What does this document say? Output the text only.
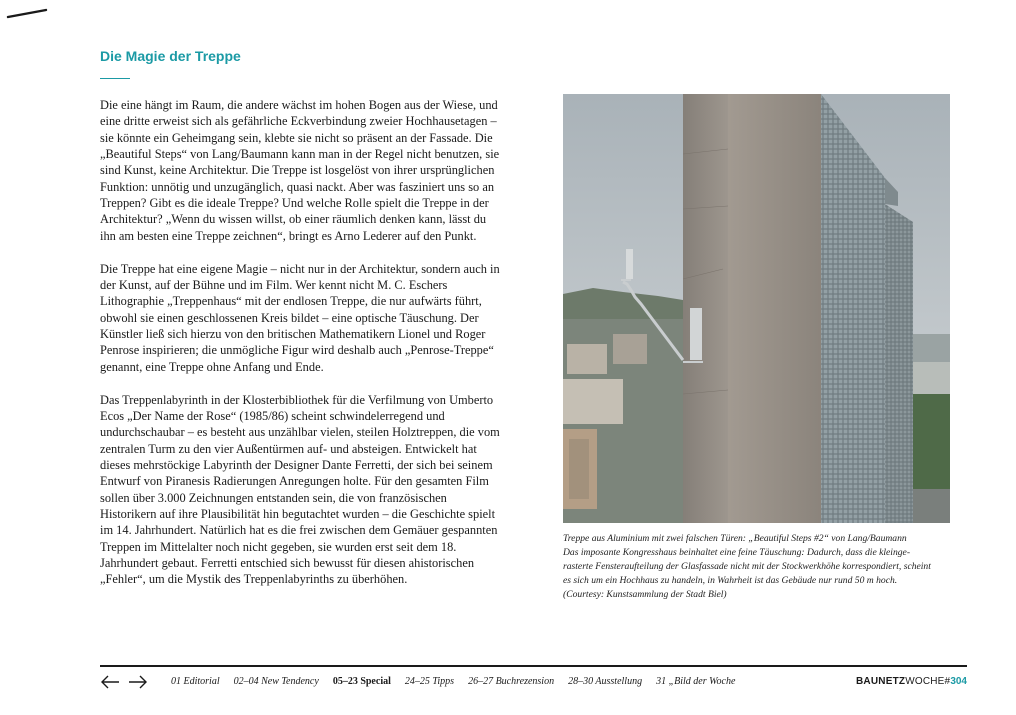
Die Magie der Treppe

Die eine hängt im Raum, die andere wächst im hohen Bogen aus der Wiese, und eine dritte erweist sich als gefährliche Eckverbindung zweier Hochhausetagen – sie könnte ein Geheimgang sein, klebte sie nicht so präsent an der Fassade. Die „Beautiful Steps“ von Lang/Baumann kann man in der Regel nicht benutzen, sie sind Kunst, keine Architektur. Die Treppe ist losgelöst von ihrer ursprünglichen Funktion: unnötig und unzugänglich, quasi nackt. Aber was fasziniert uns so an Treppen? Gibt es die ideale Treppe? Und welche Rolle spielt die Treppe in der Architektur? „Wenn du wissen willst, ob einer räumlich denken kann, lässt du ihn am besten eine Treppe zeichnen“, bringt es Arno Lederer auf den Punkt.

Die Treppe hat eine eigene Magie – nicht nur in der Architektur, sondern auch in der Kunst, auf der Bühne und im Film. Wer kennt nicht M. C. Eschers Lithographie „Treppenhaus“ mit der endlosen Treppe, die nur aufwärts führt, obwohl sie einen geschlossenen Kreis bildet – eine optische Täuschung. Der Künstler ließ sich hierzu von den britischen Mathematikern Lionel und Roger Penrose inspirieren; die unmögliche Figur wird deshalb auch „Penrose-Treppe“ genannt, eine Treppe ohne Anfang und Ende.

Das Treppenlabyrinth in der Klosterbibliothek für die Verfilmung von Umberto Ecos „Der Name der Rose“ (1985/86) scheint schwindelerregend und undurchschaubar – es besteht aus unzählbar vielen, steilen Holztreppen, die vom zentralen Turm zu den vier Außentürmen auf- und absteigen. Entwickelt hat dieses mehrstöckige Labyrinth der Designer Dante Ferretti, der sich bei seinem Entwurf von Piranesis Radierungen Anregungen holte. Für den gesamten Film sollen über 3.000 Zeichnungen entstanden sein, die von französischen Historikern auf ihre Plausibilität hin begutachtet wurden – die Geschichte spielt im 14. Jahrhundert. Natürlich hat es die frei zwischen dem Gemäuer gespannten Treppen im Mittelalter noch nicht gegeben, sie wurden erst seit dem 18. Jahrhundert gebaut. Ferretti entschied sich bewusst für diesen ahistorischen „Fehler“, um die Mystik des Treppenlabyrinths zu überhöhen.

Treppe aus Aluminium mit zwei falschen Türen: „Beautiful Steps #2“ von Lang/Baumann
Das imposante Kongresshaus beinhaltet eine feine Täuschung: Dadurch, dass die kleinge-
rasterte Fensteraufteilung der Glasfassade nicht mit der Stockwerkhöhe korrespondiert, scheint
es sich um ein Hochhaus zu handeln, in Wahrheit ist das Gebäude nur rund 50 m hoch.
(Courtesy: Kunstsammlung der Stadt Biel)
01 Editorial 02–04 New Tendency 05–23 Special 24–25 Tipps 26–27 Buchrezension 28–30 Ausstellung 31 „Bild der Woche	BAUNETZWOCHE#304
